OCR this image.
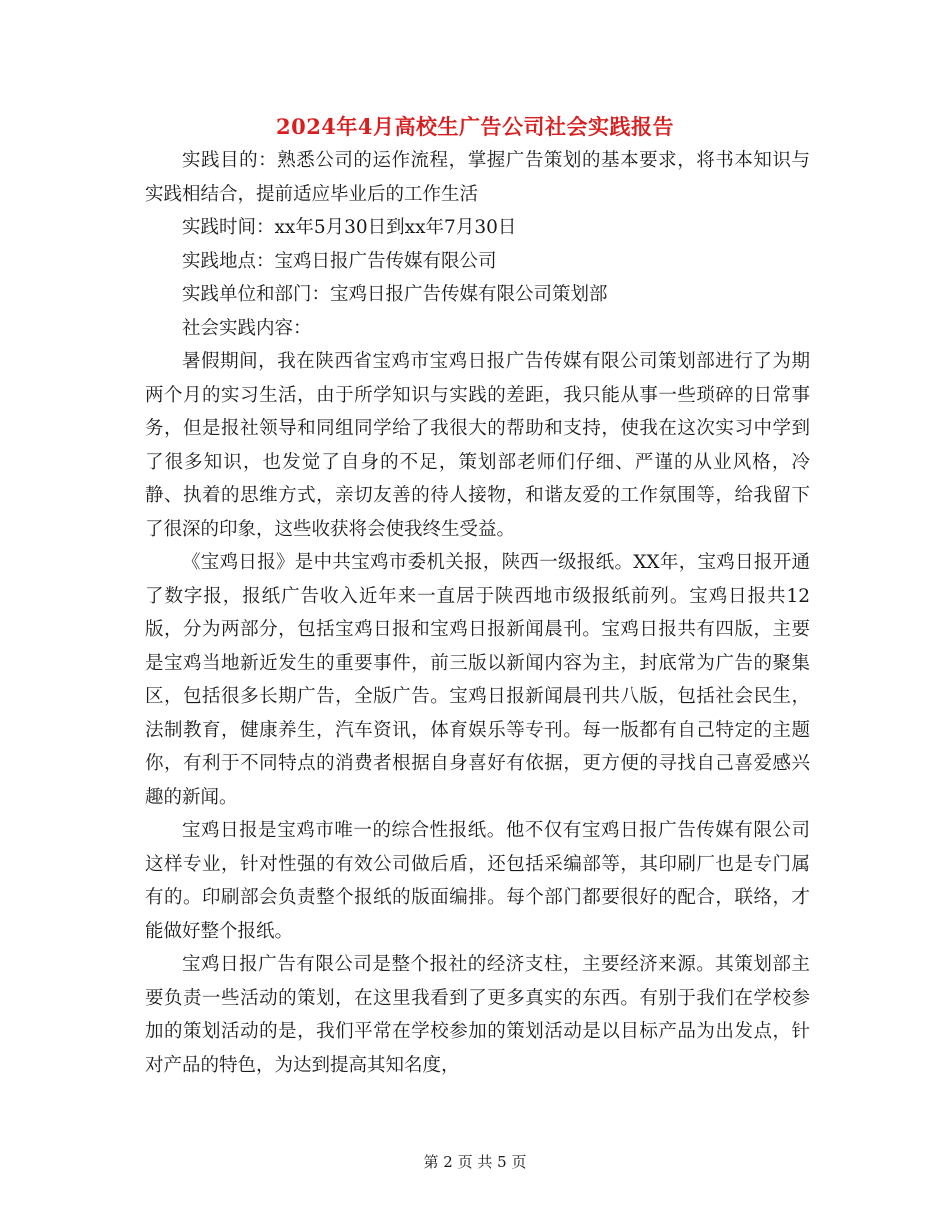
2024年4月高校生广告公司社会实践报告

实践目的：熟悉公司的运作流程，掌握广告策划的基本要求，将书本知识与实践相结合，提前适应毕业后的工作生活

实践时间：xx年5月30日到xx年7月30日

实践地点：宝鸡日报广告传媒有限公司

实践单位和部门：宝鸡日报广告传媒有限公司策划部

社会实践内容：

暑假期间，我在陕西省宝鸡市宝鸡日报广告传媒有限公司策划部进行了为期两个月的实习生活，由于所学知识与实践的差距，我只能从事一些琐碎的日常事务，但是报社领导和同组同学给了我很大的帮助和支持，使我在这次实习中学到了很多知识，也发觉了自身的不足，策划部老师们仔细、严谨的从业风格，冷静、执着的思维方式，亲切友善的待人接物，和谐友爱的工作氛围等，给我留下了很深的印象，这些收获将会使我终生受益。

《宝鸡日报》是中共宝鸡市委机关报，陕西一级报纸。XX年，宝鸡日报开通了数字报，报纸广告收入近年来一直居于陕西地市级报纸前列。宝鸡日报共12版，分为两部分，包括宝鸡日报和宝鸡日报新闻晨刊。宝鸡日报共有四版，主要是宝鸡当地新近发生的重要事件，前三版以新闻内容为主，封底常为广告的聚集区，包括很多长期广告，全版广告。宝鸡日报新闻晨刊共八版，包括社会民生，法制教育，健康养生，汽车资讯，体育娱乐等专刊。每一版都有自己特定的主题你，有利于不同特点的消费者根据自身喜好有依据，更方便的寻找自己喜爱感兴趣的新闻。

宝鸡日报是宝鸡市唯一的综合性报纸。他不仅有宝鸡日报广告传媒有限公司这样专业，针对性强的有效公司做后盾，还包括采编部等，其印刷厂也是专门属有的。印刷部会负责整个报纸的版面编排。每个部门都要很好的配合，联络，才能做好整个报纸。

宝鸡日报广告有限公司是整个报社的经济支柱，主要经济来源。其策划部主要负责一些活动的策划，在这里我看到了更多真实的东西。有别于我们在学校参加的策划活动的是，我们平常在学校参加的策划活动是以目标产品为出发点，针对产品的特色，为达到提高其知名度，

第 2 页 共 5 页
